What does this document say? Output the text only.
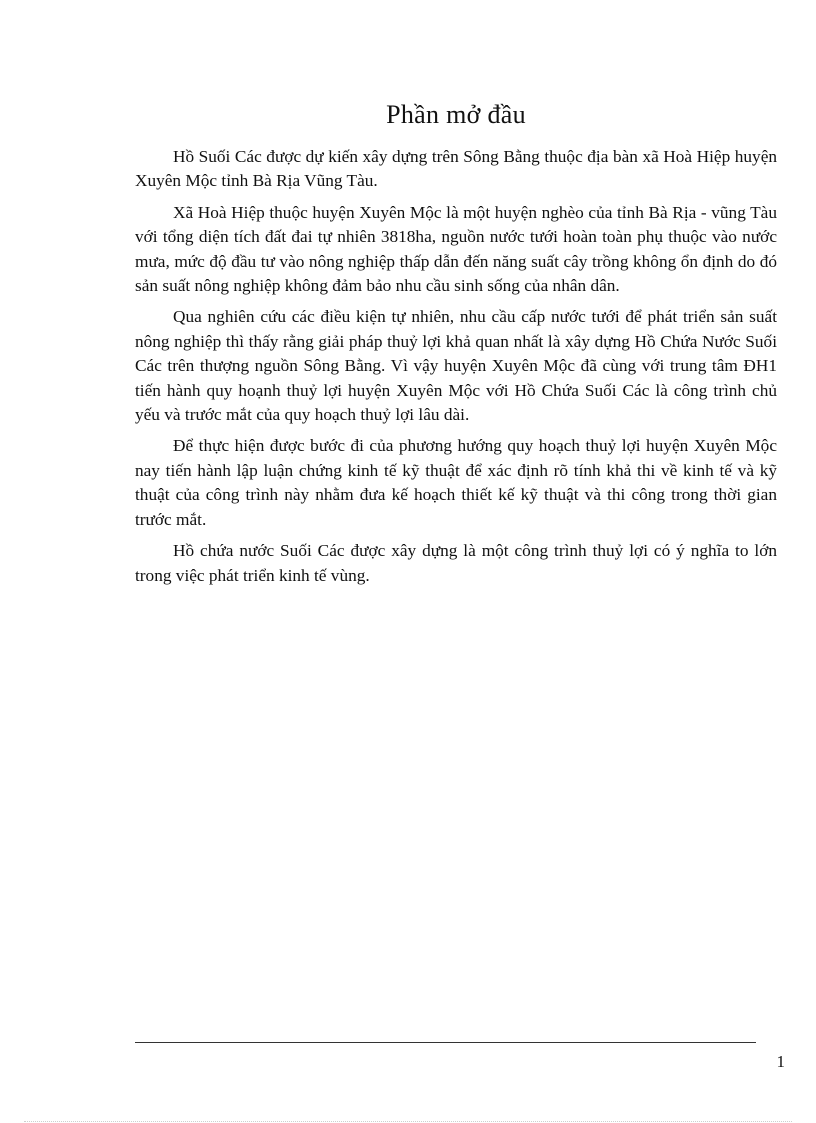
Phần mở đầu

Hồ Suối Các được dự kiến xây dựng trên Sông Bằng thuộc địa bàn xã Hoà Hiệp huyện Xuyên Mộc tỉnh Bà Rịa Vũng Tàu.

Xã Hoà Hiệp thuộc huyện Xuyên Mộc là một huyện nghèo của tỉnh Bà Rịa - vũng Tàu với tổng diện tích đất đai tự nhiên 3818ha, nguồn nước tưới hoàn toàn phụ thuộc vào nước mưa, mức độ đầu tư vào nông nghiệp thấp dẫn đến năng suất cây trồng không ổn định do đó sản suất nông nghiệp không đảm bảo nhu cầu sinh sống của nhân dân.

Qua nghiên cứu các điều kiện tự nhiên, nhu cầu cấp nước tưới để phát triển sản suất nông nghiệp thì thấy rằng giải pháp thuỷ lợi khả quan nhất là xây dựng Hồ Chứa Nước Suối Các trên thượng nguồn Sông Bằng. Vì vậy huyện Xuyên Mộc đã cùng với trung tâm ĐH1 tiến hành quy hoạnh thuỷ lợi huyện Xuyên Mộc với Hồ Chứa Suối Các là công trình chủ yếu và trước mắt của quy hoạch thuỷ lợi lâu dài.

Để thực hiện được bước đi của phương hướng quy hoạch thuỷ lợi huyện Xuyên Mộc nay tiến hành lập luận chứng kinh tế kỹ thuật để xác định rõ tính khả thi về kinh tế và kỹ thuật của công trình này nhằm đưa kế hoạch thiết kế kỹ thuật và thi công trong thời gian trước mắt.

Hồ chứa nước Suối Các được xây dựng là một công trình thuỷ lợi có ý nghĩa to lớn trong việc phát triển kinh tế vùng.

1
